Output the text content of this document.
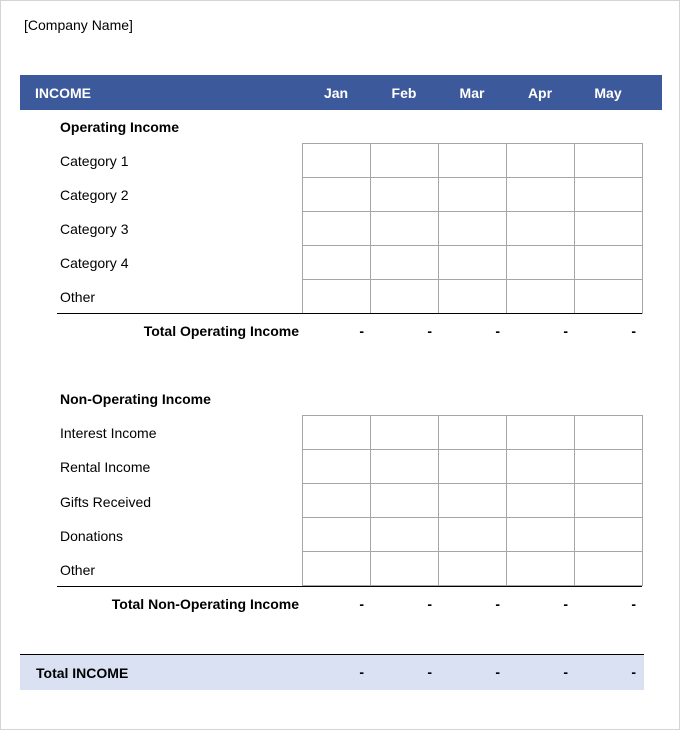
[Company Name]
INCOME	Jan	Feb	Mar	Apr	May
Operating Income
Category 1
Category 2
Category 3
Category 4
Other
Total Operating Income	-	-	-	-	-
Non-Operating Income
Interest Income
Rental Income
Gifts Received
Donations
Other
Total Non-Operating Income	-	-	-	-	-
Total INCOME	-	-	-	-	-
